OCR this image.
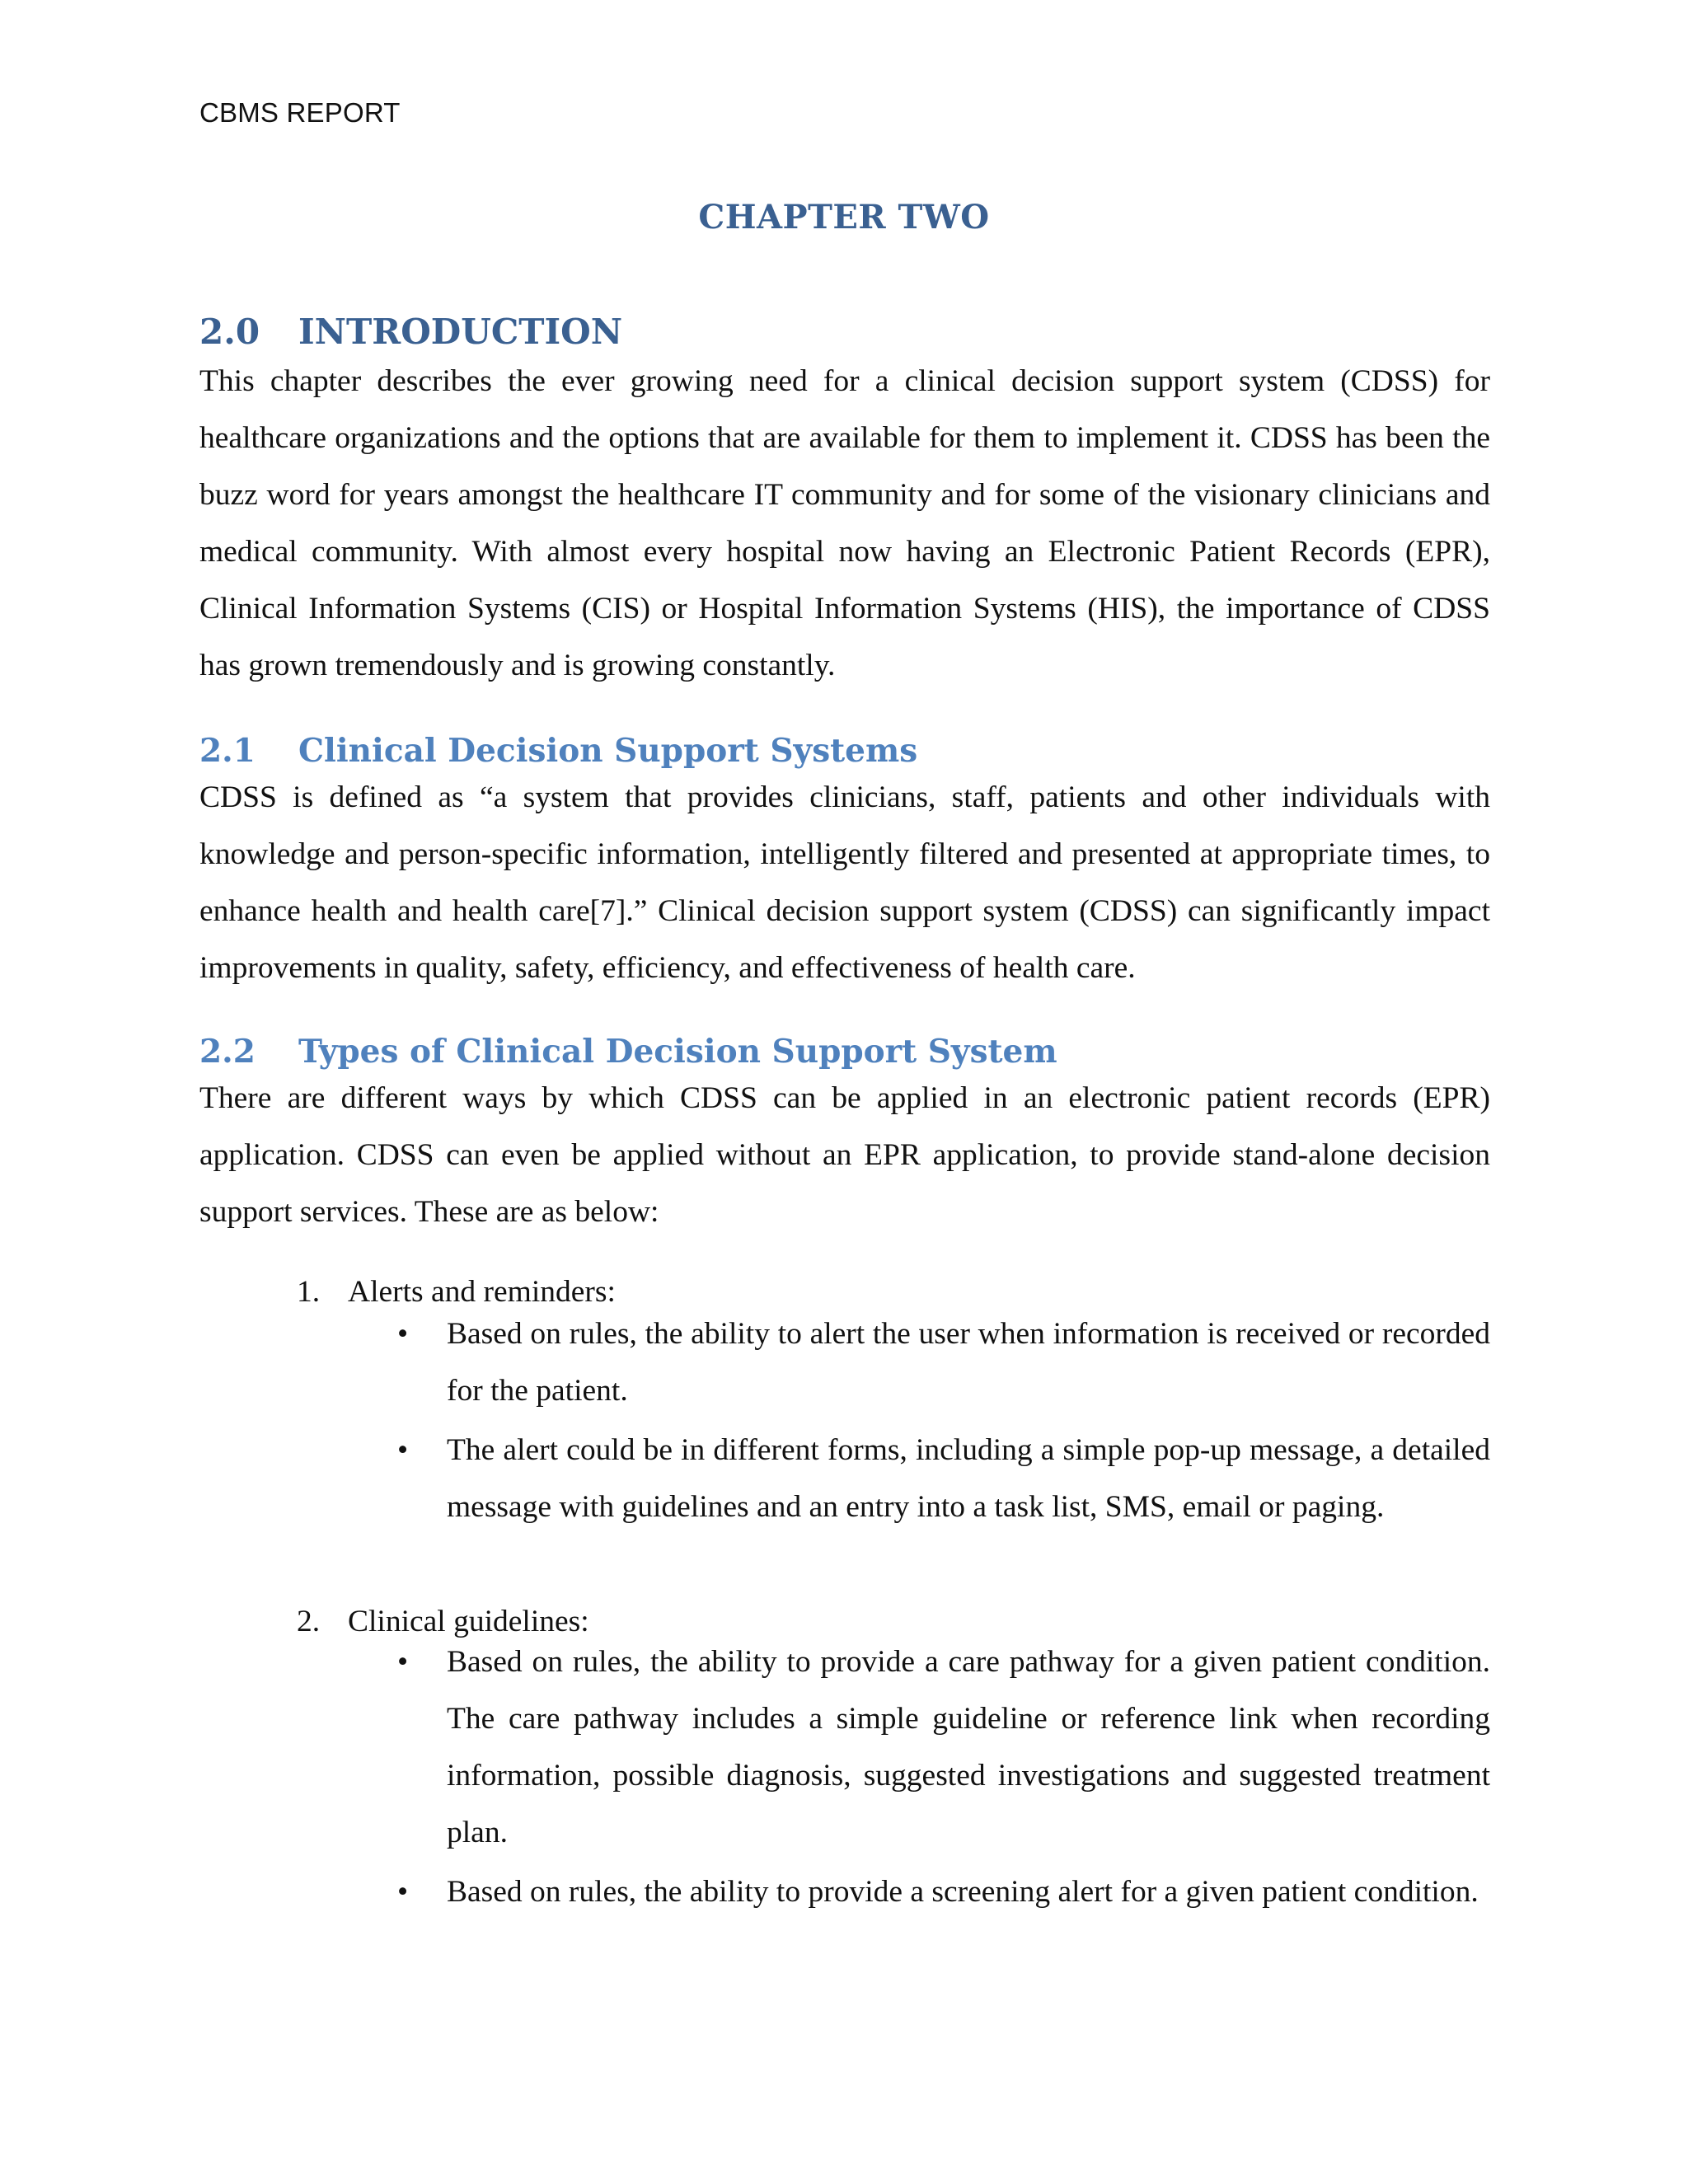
CBMS REPORT
CHAPTER TWO
2.0 INTRODUCTION

This chapter describes the ever growing need for a clinical decision support system (CDSS) for healthcare organizations and the options that are available for them to implement it. CDSS has been the buzz word for years amongst the healthcare IT community and for some of the visionary clinicians and medical community. With almost every hospital now having an Electronic Patient Records (EPR), Clinical Information Systems (CIS) or Hospital Information Systems (HIS), the importance of CDSS has grown tremendously and is growing constantly.

2.1 Clinical Decision Support Systems

CDSS is defined as “a system that provides clinicians, staff, patients and other individuals with knowledge and person-specific information, intelligently filtered and presented at appropriate times, to enhance health and health care[7].” Clinical decision support system (CDSS) can significantly impact improvements in quality, safety, efficiency, and effectiveness of health care.

2.2 Types of Clinical Decision Support System

There are different ways by which CDSS can be applied in an electronic patient records (EPR) application. CDSS can even be applied without an EPR application, to provide stand-alone decision support services. These are as below:

1. Alerts and reminders:
•	Based on rules, the ability to alert the user when information is received or recorded for the patient.
•	The alert could be in different forms, including a simple pop-up message, a detailed message with guidelines and an entry into a task list, SMS, email or paging.
2. Clinical guidelines:
•	Based on rules, the ability to provide a care pathway for a given patient condition. The care pathway includes a simple guideline or reference link when recording information, possible diagnosis, suggested investigations and suggested treatment plan.
•	Based on rules, the ability to provide a screening alert for a given patient condition.
